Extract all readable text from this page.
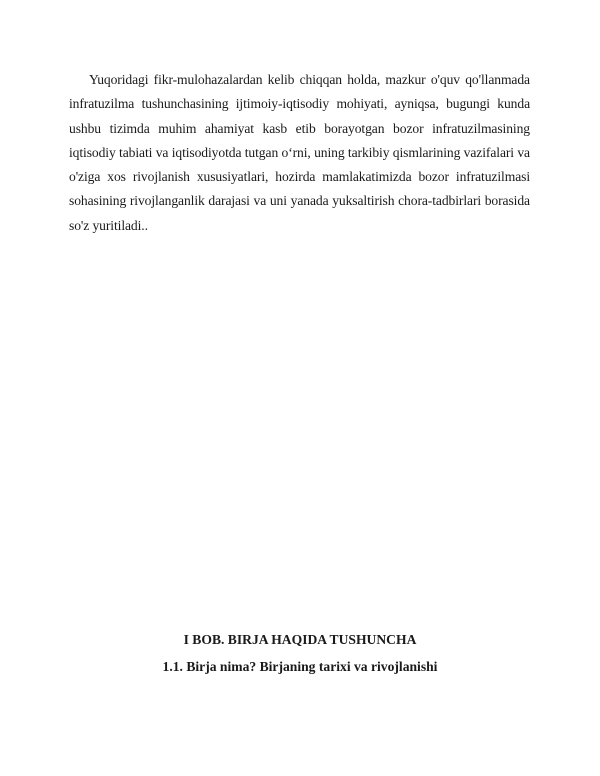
Yuqoridagi fikr-mulohazalardan kelib chiqqan holda, mazkur o'quv qo'llanmada infratuzilma tushunchasining ijtimoiy-iqtisodiy mohiyati, ayniqsa, bugungi kunda ushbu tizimda muhim ahamiyat kasb etib borayotgan bozor infratuzilmasining iqtisodiy tabiati va iqtisodiyotda tutgan o‘rni, uning tarkibiy qismlarining vazifalari va o'ziga xos rivojlanish xususiyatlari, hozirda mamlakatimizda bozor infratuzilmasi sohasining rivojlanganlik darajasi va uni yanada yuksaltirish chora-tadbirlari borasida so'z yuritiladi..

I BOB. BIRJA HAQIDA TUSHUNCHA
1.1. Birja nima? Birjaning tarixi va rivojlanishi
